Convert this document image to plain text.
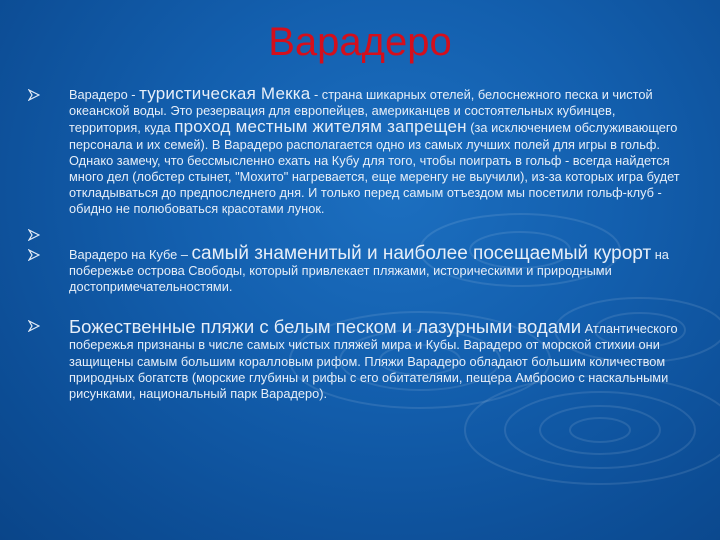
Варадеро
Варадеро - туристическая Мекка - страна шикарных отелей, белоснежного песка и чистой океанской воды. Это резервация для европейцев, американцев и состоятельных кубинцев, территория, куда проход местным жителям запрещен (за исключением обслуживающего персонала и их семей). В Варадеро располагается одно из самых лучших полей для игры в гольф. Однако замечу, что бессмысленно ехать на Кубу для того, чтобы поиграть в гольф - всегда найдется много дел (лобстер стынет, "Мохито" нагревается, еще меренгу не выучили), из-за которых игра будет откладываться до предпоследнего дня. И только перед самым отъездом мы посетили гольф-клуб - обидно не полюбоваться красотами лунок.
Варадеро на Кубе – самый знаменитый и наиболее посещаемый курорт на побережье острова Свободы, который привлекает пляжами, историческими и природными достопримечательностями.
Божественные пляжи с белым песком и лазурными водами Атлантического побережья признаны в числе самых чистых пляжей мира и Кубы. Варадеро от морской стихии они защищены самым большим коралловым рифом. Пляжи Варадеро обладают большим количеством природных богатств (морские глубины и рифы с его обитателями, пещера Амбросио с наскальными рисунками, национальный парк Варадеро).
